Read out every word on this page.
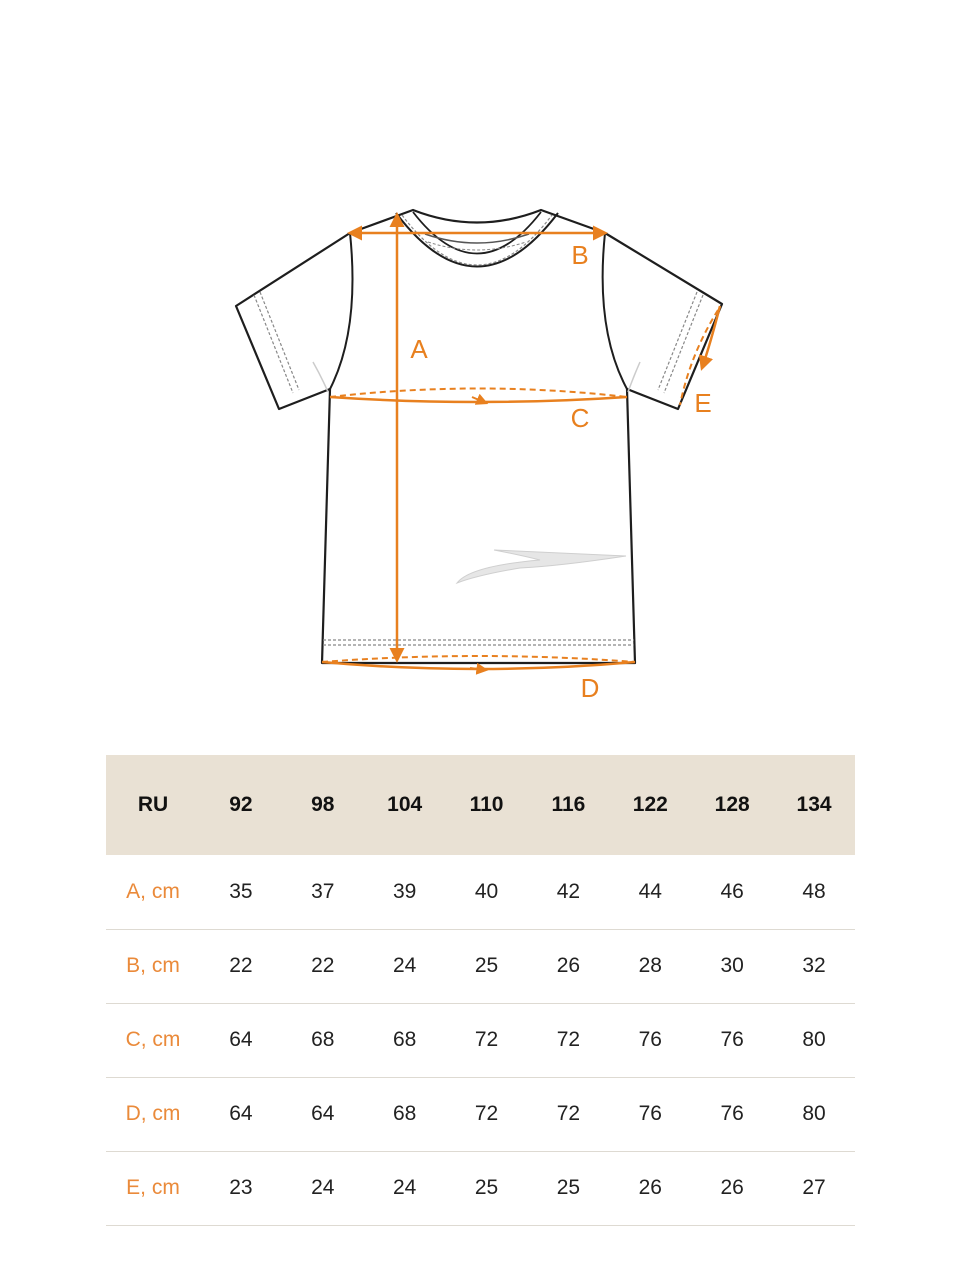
A
B
C
D
E
RU	92	98	104	110	116	122	128	134
A, cm	35	37	39	40	42	44	46	48
B, cm	22	22	24	25	26	28	30	32
C, cm	64	68	68	72	72	76	76	80
D, cm	64	64	68	72	72	76	76	80
E, cm	23	24	24	25	25	26	26	27
